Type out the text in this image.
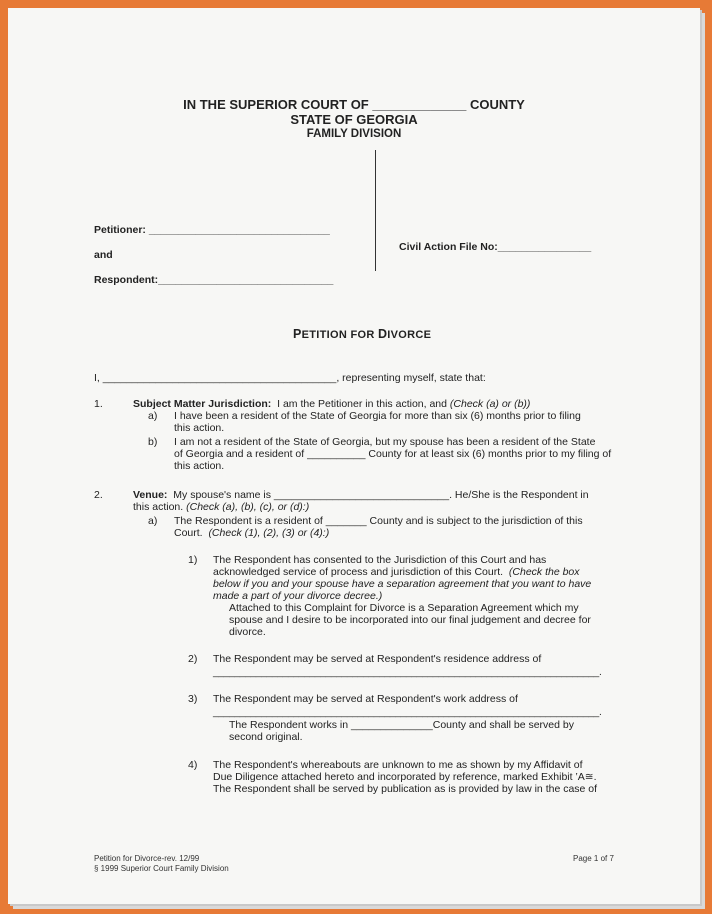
IN THE SUPERIOR COURT OF _____________ COUNTY
STATE OF GEORGIA
FAMILY DIVISION
Petitioner: _______________________________
and
Respondent:______________________________
Civil Action File No:________________
PETITION FOR DIVORCE
I, ________________________________________, representing myself, state that:
1.	Subject Matter Jurisdiction: I am the Petitioner in this action, and (Check (a) or (b))
a) I have been a resident of the State of Georgia for more than six (6) months prior to filing
this action.
b) I am not a resident of the State of Georgia, but my spouse has been a resident of the State
of Georgia and a resident of __________ County for at least six (6) months prior to my filing of
this action.
2.	Venue: My spouse's name is ______________________________. He/She is the Respondent in
this action. (Check (a), (b), (c), or (d):)
a) The Respondent is a resident of _______ County and is subject to the jurisdiction of this
Court. (Check (1), (2), (3) or (4):)
1) The Respondent has consented to the Jurisdiction of this Court and has
acknowledged service of process and jurisdiction of this Court. (Check the box
below if you and your spouse have a separation agreement that you want to have
made a part of your divorce decree.)
Attached to this Complaint for Divorce is a Separation Agreement which my
spouse and I desire to be incorporated into our final judgement and decree for
divorce.
2) The Respondent may be served at Respondent's residence address of
________________________________________________________________________.
3) The Respondent may be served at Respondent's work address of
________________________________________________________________________.
The Respondent works in ______________County and shall be served by
second original.
4) The Respondent's whereabouts are unknown to me as shown by my Affidavit of
Due Diligence attached hereto and incorporated by reference, marked Exhibit ‛A≅.
The Respondent shall be served by publication as is provided by law in the case of
Petition for Divorce-rev. 12/99
§ 1999 Superior Court Family Division
Page 1 of 7
